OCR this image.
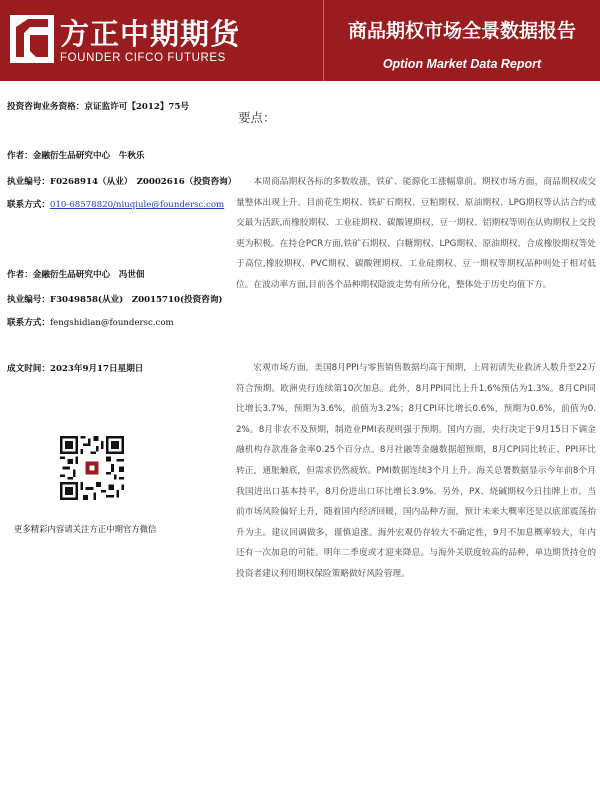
方正中期期货
FOUNDER CIFCO FUTURES
商品期权市场全景数据报告
Option Market Data Report
投资咨询业务资格：京证监许可【2012】75号
作者：金融衍生品研究中心　牛秋乐
执业编号：F0268914（从业）　Z0002616（投资咨询）
联系方式：010-68578820/niuqiule@foundersc.com
作者：金融衍生品研究中心　冯世佃
执业编号：F3049858(从业)　Z0015710(投资咨询)
联系方式：fengshidian@foundersc.com
成文时间：2023年9月17日星期日
更多精彩内容请关注方正中期官方微信
要点：
本周商品期权各标的多数收涨，铁矿、能源化工涨幅靠前。期权市场方面，商品期权成交量整体出现上升。目前花生期权、铁矿石期权、豆粕期权、原油期权、LPG期权等认沽合约成交最为活跃,而橡胶期权、工业硅期权、碳酸锂期权、豆一期权、铝期权等则在认购期权上交投更为积极。在持仓PCR方面,铁矿石期权、白糖期权、LPG期权、原油期权、合成橡胶期权等处于高位,橡胶期权、PVC期权、碳酸锂期权、工业硅期权、豆一期权等期权品种则处于相对低位。在波动率方面,目前各个品种期权隐波走势有所分化，整体处于历史均值下方。
宏观市场方面，美国8月PPI与零售销售数据均高于预期，上周初请失业救济人数升至22万符合预期。欧洲央行连续第10次加息。此外，8月PPI同比上升1.6%预估为1.3%。8月CPI同比增长3.7%，预期为3.6%，前值为3.2%；8月CPI环比增长0.6%，预期为0.6%，前值为0.2%。8月非农不及预期，制造业PMI表现则强于预期。国内方面，央行决定于9月15日下调金融机构存款准备金率0.25个百分点。8月社融等金融数据超预期，8月CPI同比转正、PPI环比转正，通胀触底，但需求仍然疲软。PMI数据连续3个月上升。海关总署数据显示今年前8个月我国进出口基本持平，8月份进出口环比增长3.9%。另外，PX、烧碱期权今日挂牌上市。当前市场风险偏好上升，随着国内经济回暖，国内品种方面，预计未来大概率还是以底部震荡抬升为主。建议回调做多，谨慎追涨。海外宏观仍存较大不确定性，9月不加息概率较大，年内还有一次加息的可能。明年二季度或才迎来降息。与海外关联度较高的品种，单边期货持仓的投资者建议利用期权保险策略做好风险管理。
